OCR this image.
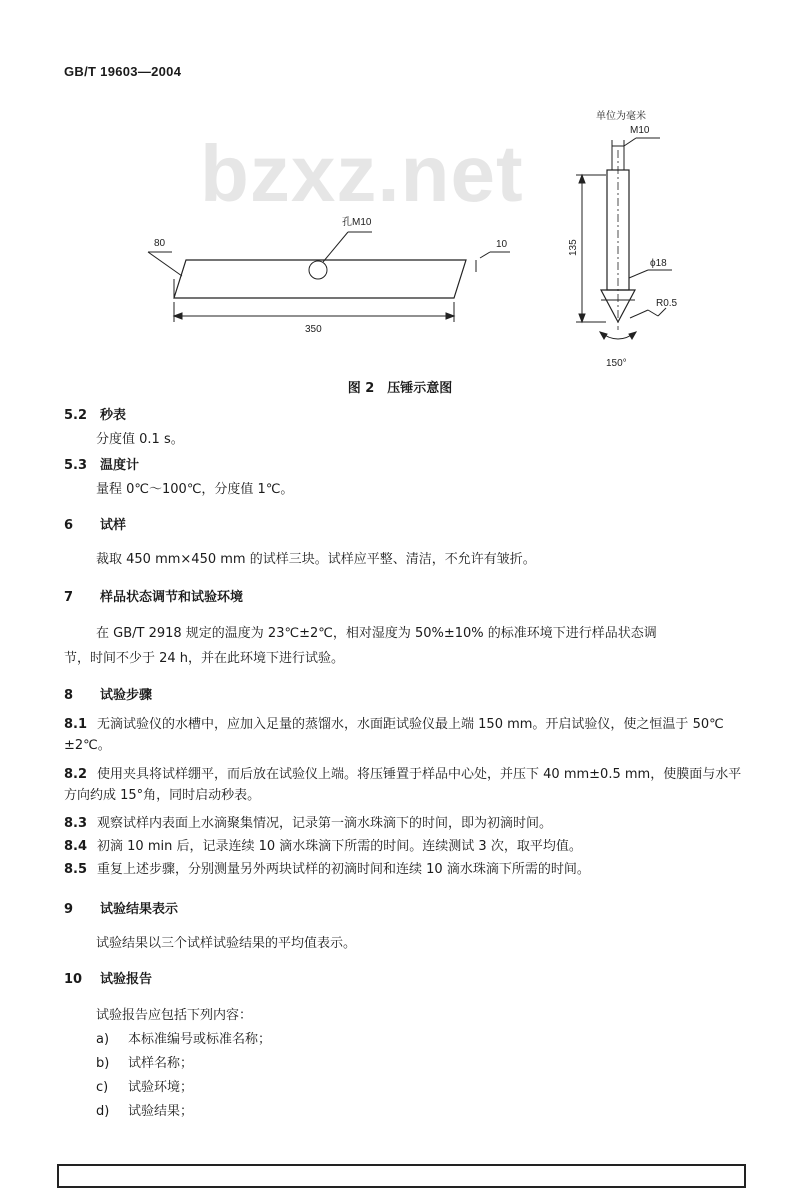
GB/T 19603—2004
bzxz.net
单位为毫米
孔M10
80	10
350
M10
135
ϕ18
R0.5
150°
图 2　压锤示意图
5.2 秒表
分度值 0.1 s。
5.3 温度计
量程 0℃～100℃，分度值 1℃。
6 试样
裁取 450 mm×450 mm 的试样三块。试样应平整、清洁，不允许有皱折。
7 样品状态调节和试验环境
在 GB/T 2918 规定的温度为 23℃±2℃，相对湿度为 50%±10% 的标准环境下进行样品状态调
节，时间不少于 24 h，并在此环境下进行试验。
8 试验步骤
8.1 无滴试验仪的水槽中，应加入足量的蒸馏水，水面距试验仪最上端 150 mm。开启试验仪，使之恒温于 50℃±2℃。
8.2 使用夹具将试样绷平，而后放在试验仪上端。将压锤置于样品中心处，并压下 40 mm±0.5 mm，使膜面与水平方向约成 15°角，同时启动秒表。
8.3 观察试样内表面上水滴聚集情况，记录第一滴水珠滴下的时间，即为初滴时间。
8.4 初滴 10 min 后，记录连续 10 滴水珠滴下所需的时间。连续测试 3 次，取平均值。
8.5 重复上述步骤，分别测量另外两块试样的初滴时间和连续 10 滴水珠滴下所需的时间。
9 试验结果表示
试验结果以三个试样试验结果的平均值表示。
10 试验报告
试验报告应包括下列内容：
a) 本标准编号或标准名称；
b) 试样名称；
c) 试验环境；
d) 试验结果；
